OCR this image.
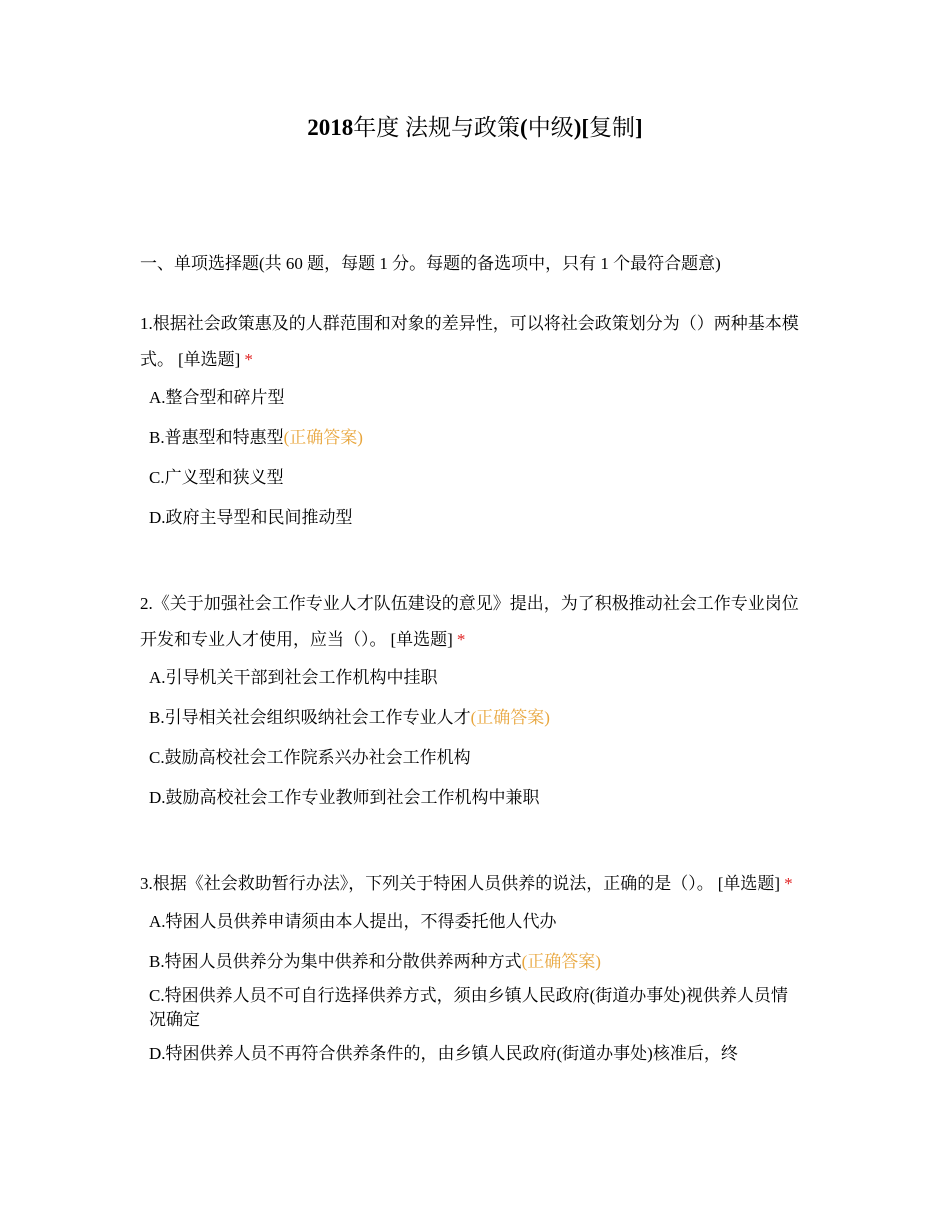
2018年度 法规与政策(中级)[复制]
一、单项选择题(共 60 题，每题 1 分。每题的备选项中，只有 1 个最符合题意)

1.根据社会政策惠及的人群范围和对象的差异性，可以将社会政策划分为（）两种基本模式。 [单选题] *

A.整合型和碎片型
B.普惠型和特惠型(正确答案)
C.广义型和狭义型
D.政府主导型和民间推动型

2.《关于加强社会工作专业人才队伍建设的意见》提出，为了积极推动社会工作专业岗位开发和专业人才使用，应当（）。 [单选题] *

A.引导机关干部到社会工作机构中挂职
B.引导相关社会组织吸纳社会工作专业人才(正确答案)
C.鼓励高校社会工作院系兴办社会工作机构
D.鼓励高校社会工作专业教师到社会工作机构中兼职

3.根据《社会救助暂行办法》，下列关于特困人员供养的说法，正确的是（）。 [单选题] *

A.特困人员供养申请须由本人提出，不得委托他人代办
B.特困人员供养分为集中供养和分散供养两种方式(正确答案)
C.特困供养人员不可自行选择供养方式，须由乡镇人民政府(街道办事处)视供养人员情况确定
D.特困供养人员不再符合供养条件的，由乡镇人民政府(街道办事处)核准后，终
